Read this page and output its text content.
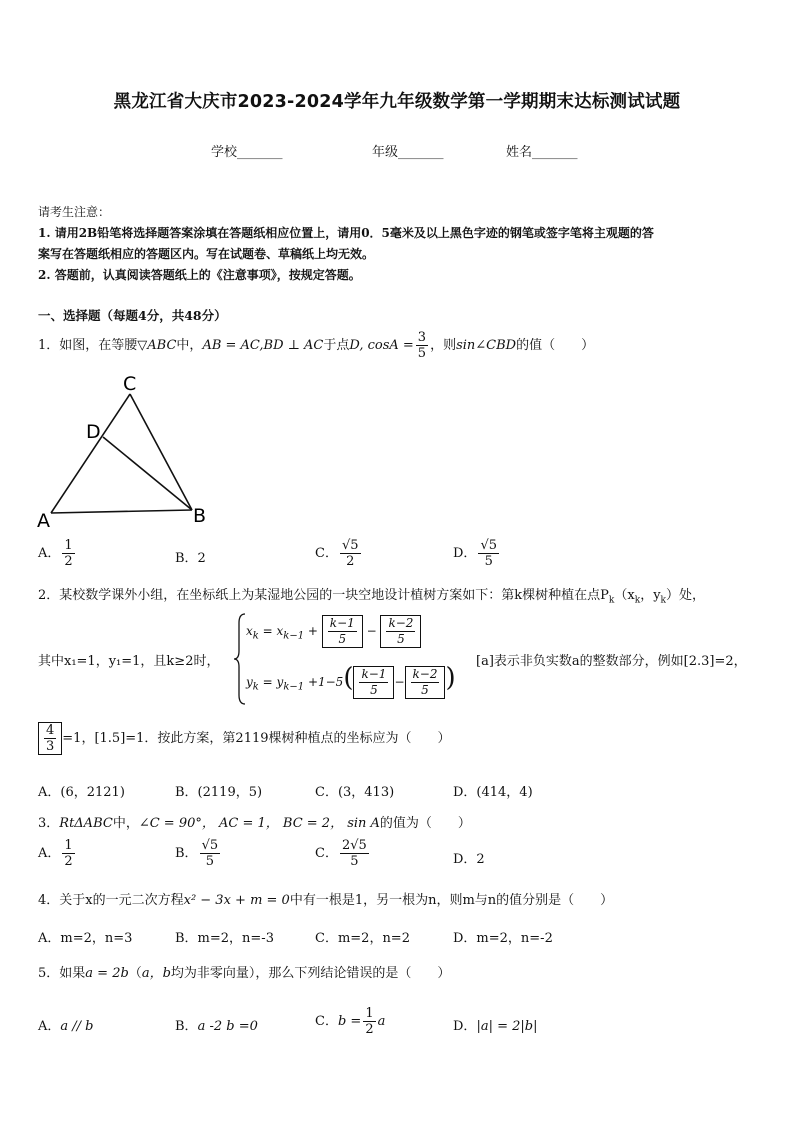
黑龙江省大庆市2023-2024学年九年级数学第一学期期末达标测试试题
学校_______	年级_______	姓名_______
请考生注意：
1. 请用2B铅笔将选择题答案涂填在答题纸相应位置上，请用0．5毫米及以上黑色字迹的钢笔或签字笔将主观题的答
案写在答题纸相应的答题区内。写在试题卷、草稿纸上均无效。
2. 答题前，认真阅读答题纸上的《注意事项》，按规定答题。
一、选择题（每题4分，共48分）
1．如图，在等腰▽ABC中，AB = AC,BD ⊥ AC于点D, $\cos A = \frac{3}{5}$ ，则sin∠CBD的值（　　）
C
D
A	B
A． $\frac{1}{2}$	B．2	C． $\frac{√5}{2}$	D． $\frac{√5}{5}$
2．某校数学课外小组，在坐标纸上为某湿地公园的一块空地设计植树方案如下：第k棵树种植在点$P_k(x_k$，$y_k$）处，
其中x₁=1，y₁=1，且k≥2时，
$x_k = x_{k-1} + \frac{k-1}{5} - \frac{k-2}{5}$
$y_k = y_{k-1} +1-5( \frac{k-1}{5} - \frac{k-2}{5}$ )
[a]表示非负实数a的整数部分，例如[2.3]=2，
$\frac{4}{3} =1$，[1.5]=1．按此方案，第2119棵树种植点的坐标应为（　　）
A．(6，2121)	B．(2119，5)	C．(3，413)	D．(414，4)
3．RtΔABC中，∠C = 90°， AC = 1， BC = 2， sin A的值为（　　）
A． $\frac{1}{2}$	B． $\frac{√5}{5}$	C． $\frac{2√5}{5}$	D．2
4．关于x的一元二次方程x² − 3x + m = 0中有一根是1，另一根为n，则m与n的值分别是（　　）
A．m=2，n=3	B．m=2，n=-3	C．m=2，n=2	D．m=2，n=-2
5．如果a = 2b（a，b均为非零向量），那么下列结论错误的是（　　）
A．a // b	B．a -2 b =0	C．$b = \frac{1}{2}$ a	D．|a| = 2|b|
